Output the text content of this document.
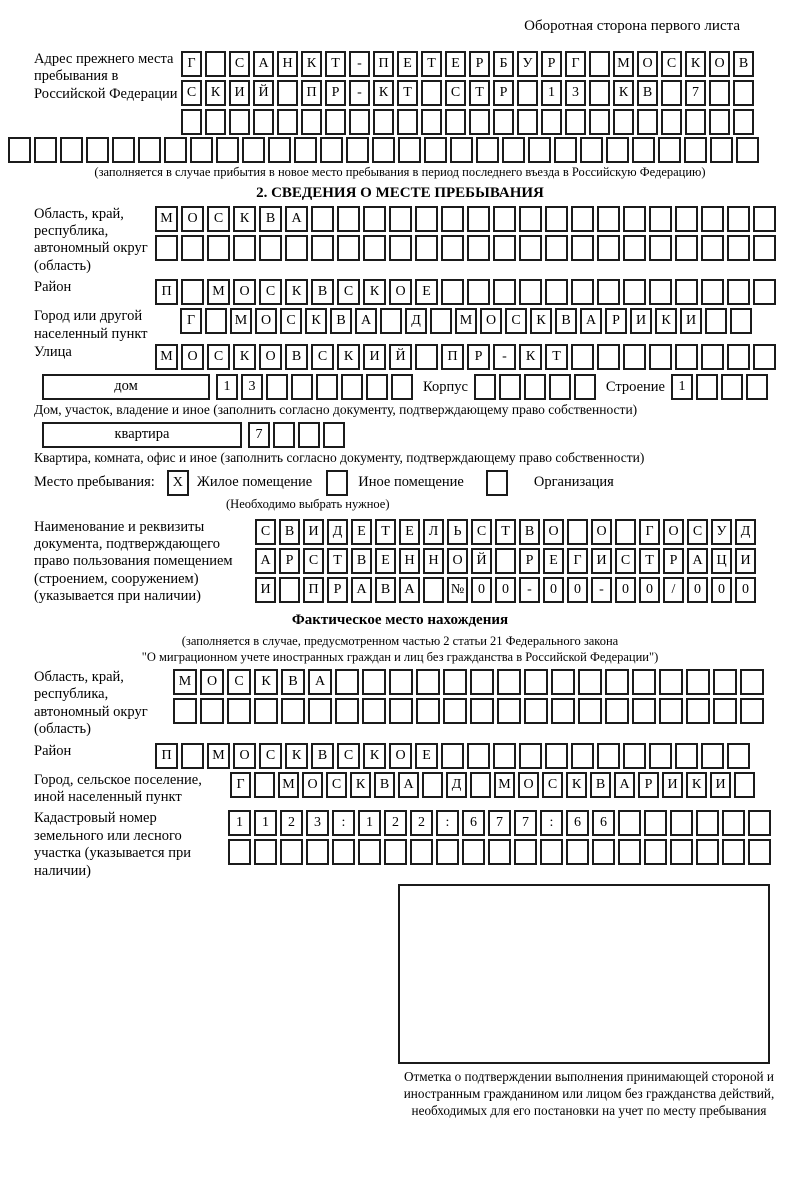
Оборотная сторона первого листа
Адрес прежнего места пребывания в Российской Федерации
Г	С	А Н	К	Т	-	П	Е	Т	Е	Р	Б	У	Р	Г	М О	С	К	О	В
С	К	И Й	П	Р	-	К	Т	С	Т	Р	1	3	К	В	7
(заполняется в случае прибытия в новое место пребывания в период последнего въезда в Российскую Федерацию)
2. СВЕДЕНИЯ О МЕСТЕ ПРЕБЫВАНИЯ
Область, край, республика, автономный округ (область)
М	О	С	К	В	А
Район	П	М	О	С	К	В	С	К	О	Е
Город или другой населенный пункт
Г	М О	С	К	В	А	Д	М О	С	К	В	А	Р	И	К	И
Улица	М	О	С	К	О	В	С	К	И	Й	П	Р	-	К	Т
дом	1	3	Корпус	Строение 1
Дом, участок, владение и иное (заполнить согласно документу, подтверждающему право собственности)
квартира	7
Квартира, комната, офис и иное (заполнить согласно документу, подтверждающему право собственности)
Место пребывания:	X Жилое помещение	Иное помещение	Организация
(Необходимо выбрать нужное)
Наименование и реквизиты документа, подтверждающего право пользования помещением (строением, сооружением) (указывается при наличии)
С	В	И	Д	Е	Т	Е	Л	Ь	С	Т	В	О	О	Г	О	С	У	Д
А	Р	С	Т	В	Е	Н Н О Й	Р	Е	Г	И	С	Т	Р	А Ц И
И	П	Р	А	В	А	№ 0	0	-	0	0	-	0	0	/	0	0	0
Фактическое место нахождения
(заполняется в случае, предусмотренном частью 2 статьи 21 Федерального закона
"О миграционном учете иностранных граждан и лиц без гражданства в Российской Федерации")
Область, край, республика, автономный округ (область)
М	О	С	К	В	А
Район	П	М	О	С	К	В	С	К	О	Е
Город, сельское поселение, иной населенный пункт
Г	М О	С	К	В	А	Д	М О	С	К	В	А	Р	И	К	И
Кадастровый номер земельного или лесного участка (указывается при наличии)
1	1	2	3	:	1	2	2	:	6	7	7	:	6	6
Отметка о подтверждении выполнения принимающей стороной и иностранным гражданином или лицом без гражданства действий, необходимых для его постановки на учет по месту пребывания
